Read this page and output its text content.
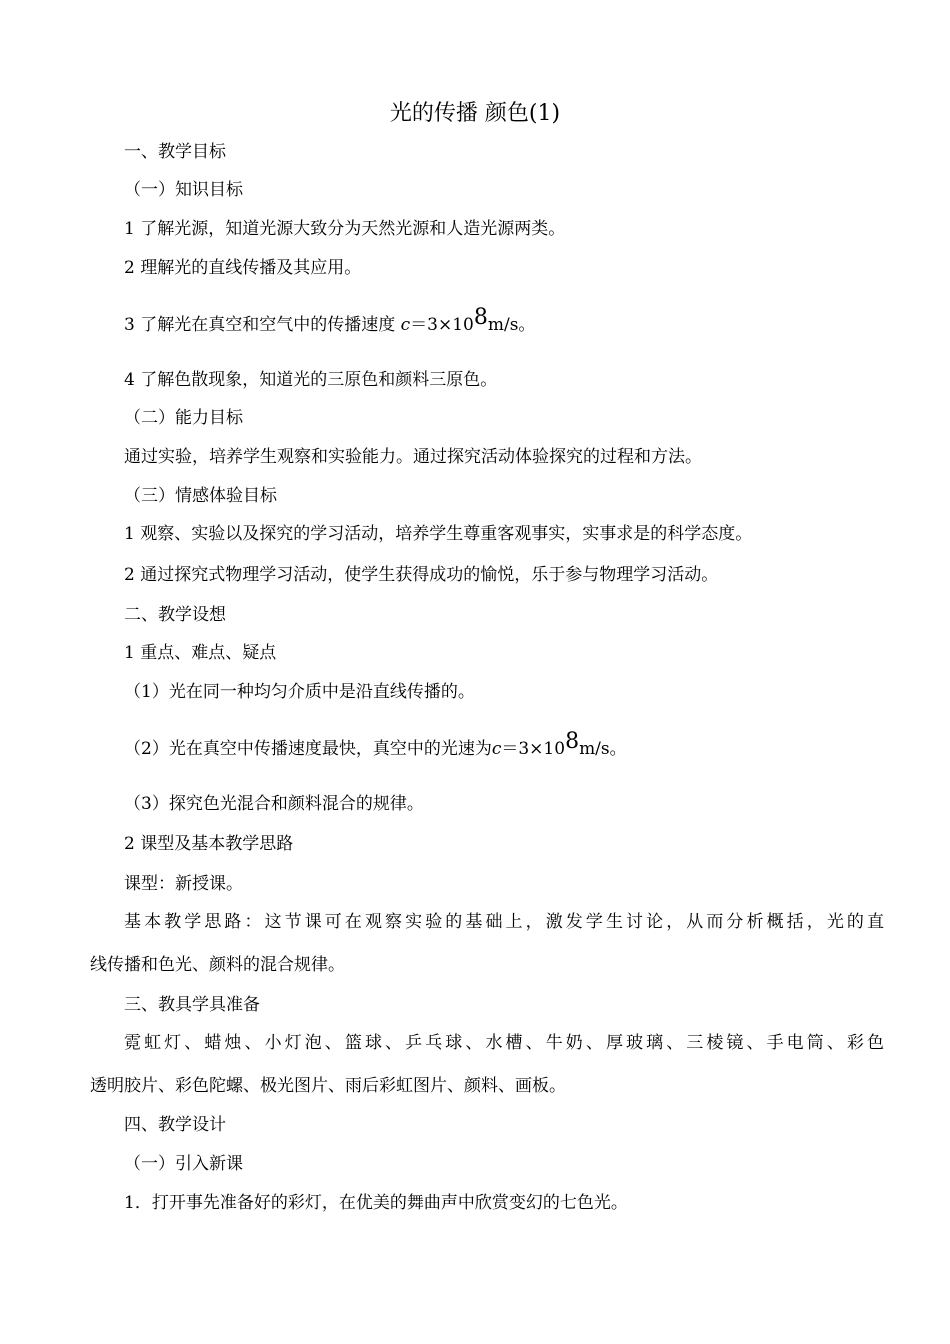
光的传播 颜色(1)
一、教学目标
（一）知识目标
1 了解光源，知道光源大致分为天然光源和人造光源两类。
2 理解光的直线传播及其应用。
3 了解光在真空和空气中的传播速度 c＝3×108m/s。
4 了解色散现象，知道光的三原色和颜料三原色。
（二）能力目标
通过实验，培养学生观察和实验能力。通过探究活动体验探究的过程和方法。
（三）情感体验目标
1 观察、实验以及探究的学习活动，培养学生尊重客观事实，实事求是的科学态度。
2 通过探究式物理学习活动，使学生获得成功的愉悦，乐于参与物理学习活动。
二、教学设想
1 重点、难点、疑点
（1）光在同一种均匀介质中是沿直线传播的。
（2）光在真空中传播速度最快，真空中的光速为c＝3×108m/s。
（3）探究色光混合和颜料混合的规律。
2 课型及基本教学思路
课型：新授课。
基本教学思路：这节课可在观察实验的基础上，激发学生讨论，从而分析概括，光的直
线传播和色光、颜料的混合规律。
三、教具学具准备
霓虹灯、蜡烛、小灯泡、篮球、乒乓球、水槽、牛奶、厚玻璃、三棱镜、手电筒、彩色
透明胶片、彩色陀螺、极光图片、雨后彩虹图片、颜料、画板。
四、教学设计
（一）引入新课
1．打开事先准备好的彩灯，在优美的舞曲声中欣赏变幻的七色光。
